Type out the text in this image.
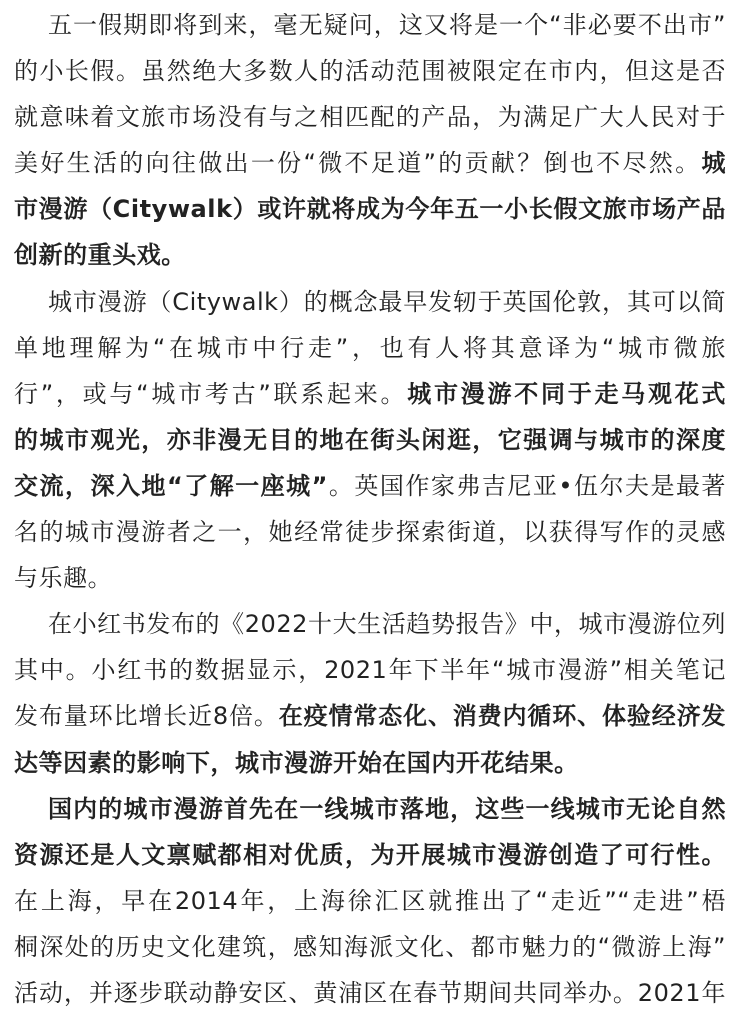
五一假期即将到来，毫无疑问，这又将是一个“非必要不出市”
的小长假。虽然绝大多数人的活动范围被限定在市内，但这是否
就意味着文旅市场没有与之相匹配的产品，为满足广大人民对于
美好生活的向往做出一份“微不足道”的贡献？倒也不尽然。城
市漫游（Citywalk）或许就将成为今年五一小长假文旅市场产品
创新的重头戏。
城市漫游（Citywalk）的概念最早发轫于英国伦敦，其可以简
单地理解为“在城市中行走”，也有人将其意译为“城市微旅
行”，或与“城市考古”联系起来。城市漫游不同于走马观花式
的城市观光，亦非漫无目的地在街头闲逛，它强调与城市的深度
交流，深入地“了解一座城”。英国作家弗吉尼亚•伍尔夫是最著
名的城市漫游者之一，她经常徒步探索街道，以获得写作的灵感
与乐趣。
在小红书发布的《2022十大生活趋势报告》中，城市漫游位列
其中。小红书的数据显示，2021年下半年“城市漫游”相关笔记
发布量环比增长近8倍。在疫情常态化、消费内循环、体验经济发
达等因素的影响下，城市漫游开始在国内开花结果。
国内的城市漫游首先在一线城市落地，这些一线城市无论自然
资源还是人文禀赋都相对优质，为开展城市漫游创造了可行性。
在上海，早在2014年，上海徐汇区就推出了“走近”“走进”梧
桐深处的历史文化建筑，感知海派文化、都市魅力的“微游上海”
活动，并逐步联动静安区、黄浦区在春节期间共同举办。2021年
